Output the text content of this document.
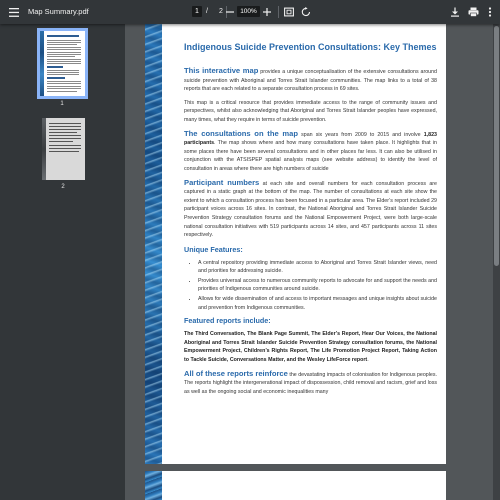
Map Summary.pdf	1	/ 2	100%
1
2
Indigenous Suicide Prevention Consultations: Key Themes

This interactive map provides a unique conceptualisation of the extensive consultations around suicide prevention with Aboriginal and Torres Strait Islander communities. The map links to a total of 38 reports that are each related to a separate consultation process in 69 sites.

This map is a critical resource that provides immediate access to the range of community issues and perspectives, whilst also acknowledging that Aboriginal and Torres Strait Islander peoples have expressed, many times, what they require in terms of suicide prevention.

The consultations on the map span six years from 2009 to 2015 and involve 1,823 participants. The map shows where and how many consultations have taken place. It highlights that in some places there have been several consultations and in other places far less. It can also be utilised in conjunction with the ATSISPEP spatial analysis maps (see website address) to identify the level of consultation in areas where there are high numbers of suicide

Participant numbers at each site and overall numbers for each consultation process are captured in a static graph at the bottom of the map. The number of consultations at each site show the extent to which a consultation process has been focused in a particular area. The Elder’s report included 29 participant voices across 16 sites. In contrast, the National Aboriginal and Torres Strait Islander Suicide Prevention Strategy consultation forums and the National Empowerment Project, were both large-scale national consultation initiatives with 519 participants across 14 sites, and 457 participants across 11 sites respectively.

Unique Features:
• A central repository providing immediate access to Aboriginal and Torres Strait Islander views, need and priorities for addressing suicide.
• Provides universal access to numerous community reports to advocate for and support the needs and priorities of Indigenous communities around suicide.
• Allows for wide dissemination of and access to important messages and unique insights about suicide and prevention from Indigenous communities.
Featured reports include:

The Third Conversation, The Blank Page Summit, The Elder’s Report, Hear Our Voices, the National Aboriginal and Torres Strait Islander Suicide Prevention Strategy consultation forums, the National Empowerment Project, Children’s Rights Report, The Life Promotion Project Report, Taking Action to Tackle Suicide, Conversations Matter, and the Wesley LifeForce report.

All of these reports reinforce the devastating impacts of colonisation for Indigenous peoples. The reports highlight the intergenerational impact of dispossession, child removal and racism, grief and loss as well as the ongoing social and economic inequalities many
